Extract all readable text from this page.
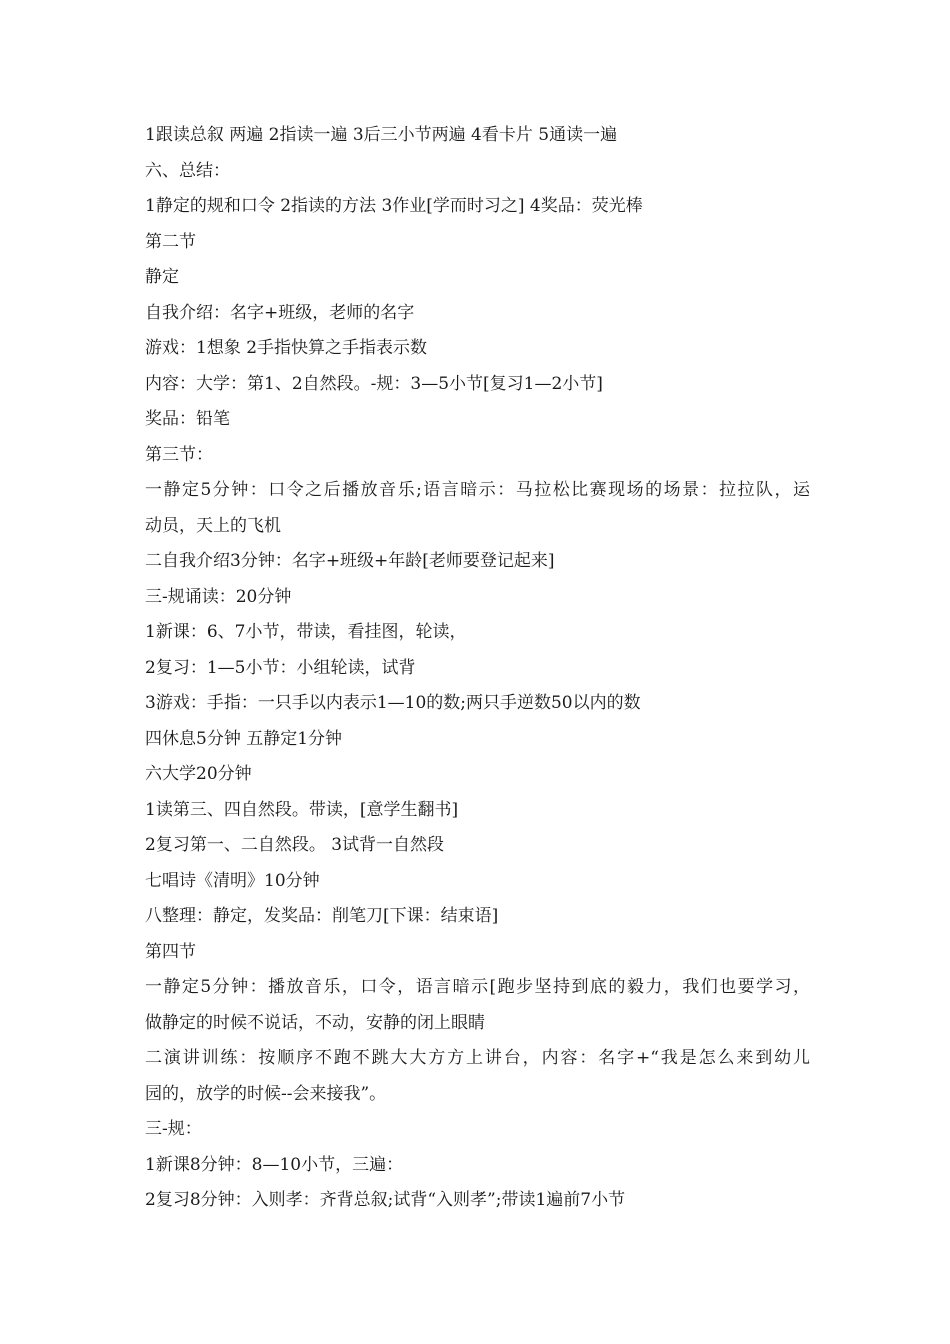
1跟读总叙 两遍 2指读一遍 3后三小节两遍 4看卡片 5通读一遍
六、总结：
1静定的规和口令 2指读的方法 3作业[学而时习之] 4奖品：荧光棒
第二节
静定
自我介绍：名字+班级，老师的名字
游戏：1想象 2手指快算之手指表示数
内容：大学：第1、2自然段。-规：3—5小节[复习1—2小节]
奖品：铅笔
第三节：
一静定5分钟：口令之后播放音乐;语言暗示：马拉松比赛现场的场景：拉拉队，运
动员，天上的飞机
二自我介绍3分钟：名字+班级+年龄[老师要登记起来]
三-规诵读：20分钟
1新课：6、7小节，带读，看挂图，轮读，
2复习：1—5小节：小组轮读，试背
3游戏：手指：一只手以内表示1—10的数;两只手逆数50以内的数
四休息5分钟 五静定1分钟
六大学20分钟
1读第三、四自然段。带读，[意学生翻书]
2复习第一、二自然段。 3试背一自然段
七唱诗《清明》10分钟
八整理：静定，发奖品：削笔刀[下课：结束语]
第四节
一静定5分钟：播放音乐，口令，语言暗示[跑步坚持到底的毅力，我们也要学习，
做静定的时候不说话，不动，安静的闭上眼睛
二演讲训练：按顺序不跑不跳大大方方上讲台，内容：名字+“我是怎么来到幼儿
园的，放学的时候--会来接我”。
三-规：
1新课8分钟：8—10小节，三遍：
2复习8分钟：入则孝：齐背总叙;试背“入则孝”;带读1遍前7小节
